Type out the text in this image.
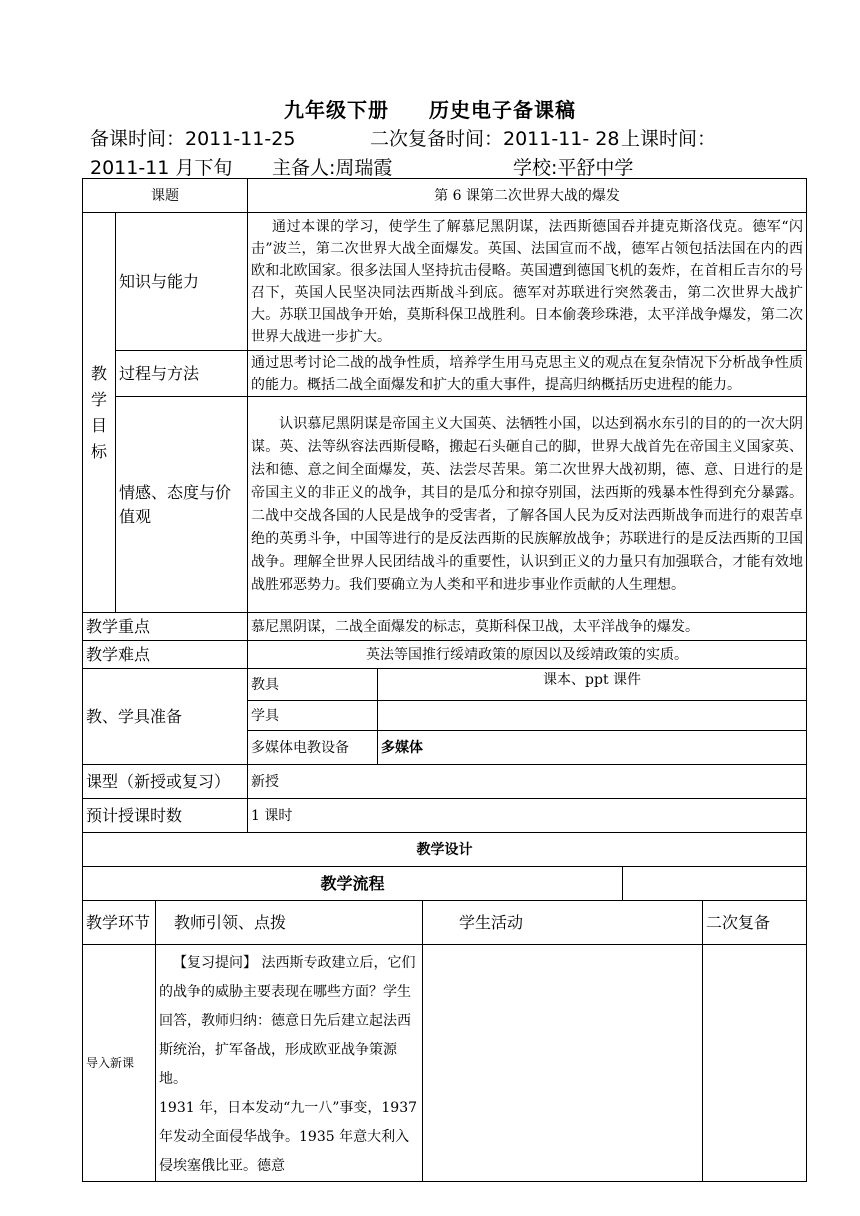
九年级下册 历史电子备课稿
备课时间：2011-11-25	二次复备时间：2011-11- 28 上课时间：
2011-11 月下旬 主备人:周瑞霞	学校:平舒中学
课题			第 6 课第二次世界大战的爆发				

教学目标	知识与能力		通过本课的学习，使学生了解慕尼黑阴谋，法西斯德国吞并捷克斯洛伐克。德军“闪击”波兰，第二次世界大战全面爆发。英国、法国宣而不战，德军占领包括法国在内的西欧和北欧国家。很多法国人坚持抗击侵略。英国遭到德国飞机的轰炸，在首相丘吉尔的号召下，英国人民坚决同法西斯战斗到底。德军对苏联进行突然袭击，第二次世界大战扩大。苏联卫国战争开始，莫斯科保卫战胜利。日本偷袭珍珠港，太平洋战争爆发，第二次世界大战进一步扩大。				
	过程与方法		通过思考讨论二战的战争性质，培养学生用马克思主义的观点在复杂情况下分析战争性质的能力。概括二战全面爆发和扩大的重大事件，提高归纳概括历史进程的能力。				
	情感、态度与价值观		认识慕尼黑阴谋是帝国主义大国英、法牺牲小国，以达到祸水东引的目的的一次大阴谋。英、法等纵容法西斯侵略，搬起石头砸自己的脚，世界大战首先在帝国主义国家英、法和德、意之间全面爆发，英、法尝尽苦果。第二次世界大战初期，德、意、日进行的是帝国主义的非正义的战争，其目的是瓜分和掠夺别国，法西斯的残暴本性得到充分暴露。二战中交战各国的人民是战争的受害者，了解各国人民为反对法西斯战争而进行的艰苦卓绝的英勇斗争，中国等进行的是反法西斯的民族解放战争；苏联进行的是反法西斯的卫国战争。理解全世界人民团结战斗的重要性，认识到正义的力量只有加强联合，才能有效地战胜邪恶势力。我们要确立为人类和平和进步事业作贡献的人生理想。				
教学重点			慕尼黑阴谋，二战全面爆发的标志，莫斯科保卫战，太平洋战争的爆发。				
教学难点			英法等国推行绥靖政策的原因以及绥靖政策的实质。				
教、学具准备			教具	课本、ppt 课件			
			学具				
			多媒体电教设备	多媒体			
课型（新授或复习）			新授				
预计授课时数			1 课时				
教学设计							
教学流程							
教学环节		教师引领、点拨			学生活动		二次复备
导入新课		【复习提问】 法西斯专政建立后，它们的战争的威胁主要表现在哪些方面？学生回答，教师归纳：德意日先后建立起法西斯统治，扩军备战，形成欧亚战争策源地。
1931 年，日本发动“九一八”事变，1937 年发动全面侵华战争。1935 年意大利入侵埃塞俄比亚。德意					
